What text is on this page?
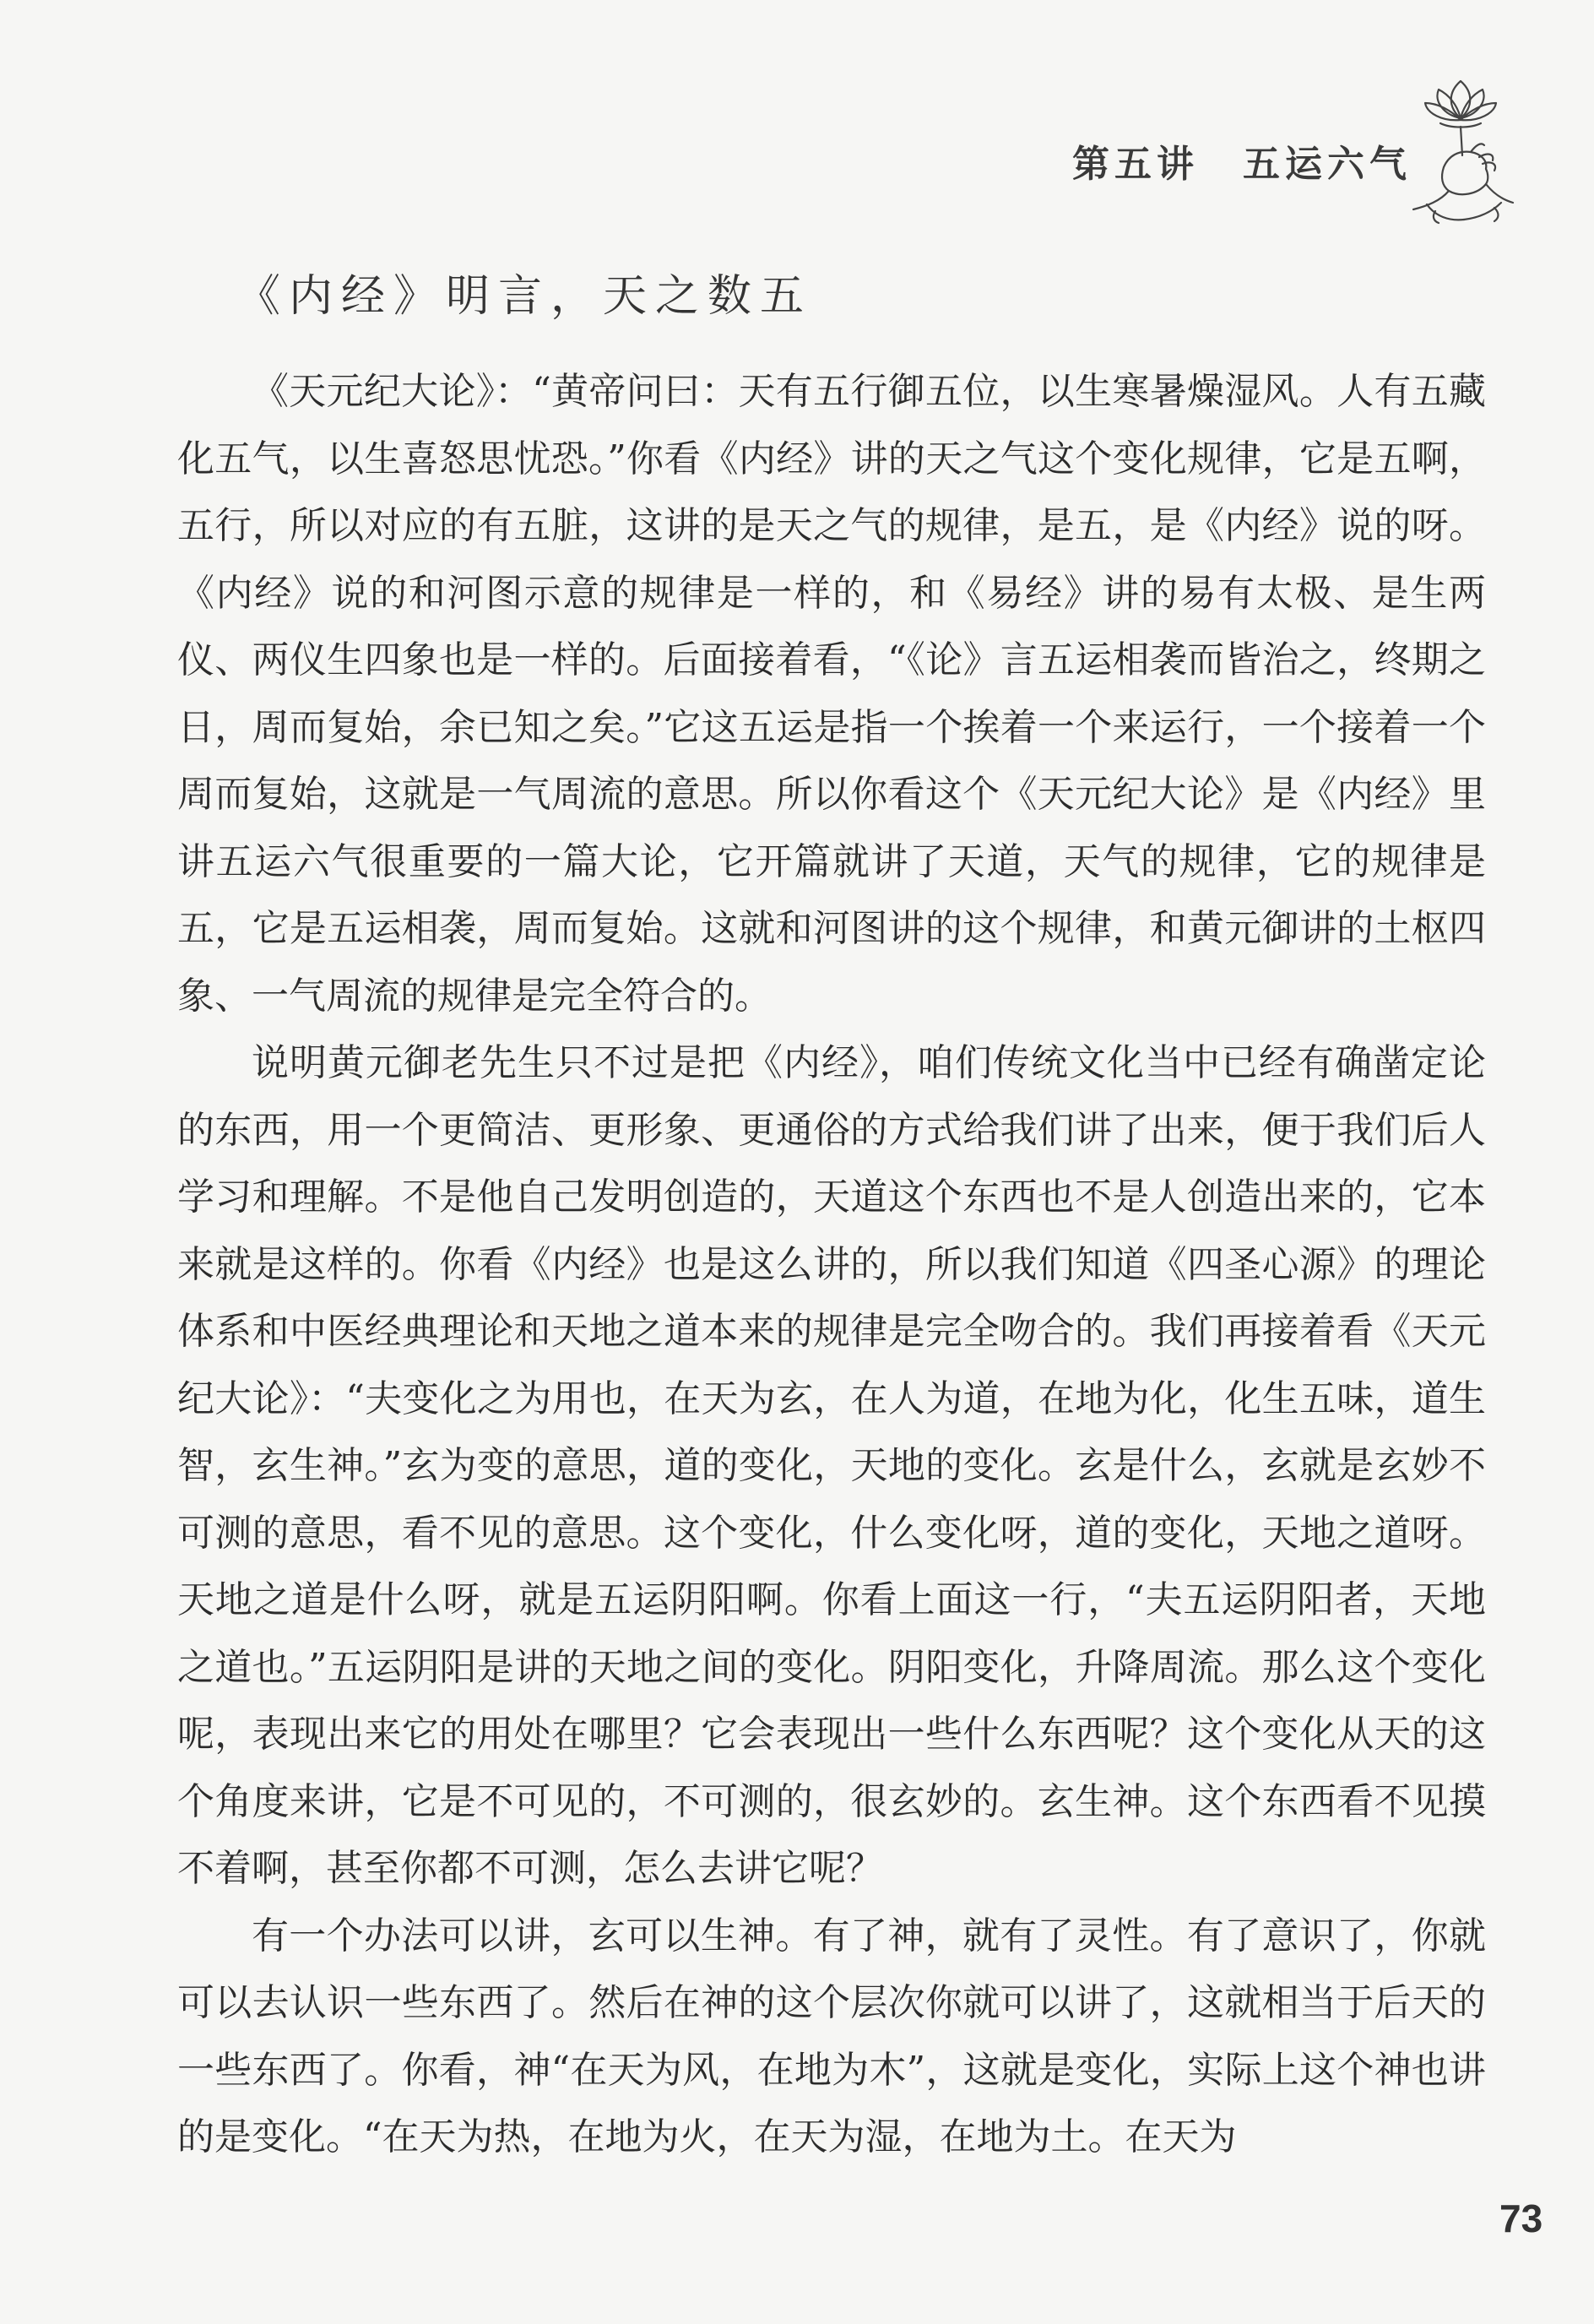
第五讲 五运六气
《内经》明言，天之数五

《天元纪大论》：“黄帝问曰：天有五行御五位，以生寒暑燥湿风。人有五藏化五气，以生喜怒思忧恐。”你看《内经》讲的天之气这个变化规律，它是五啊，五行，所以对应的有五脏，这讲的是天之气的规律，是五，是《内经》说的呀。《内经》说的和河图示意的规律是一样的，和《易经》讲的易有太极、是生两仪、两仪生四象也是一样的。后面接着看，“《论》言五运相袭而皆治之，终期之日，周而复始，余已知之矣。”它这五运是指一个挨着一个来运行，一个接着一个周而复始，这就是一气周流的意思。所以你看这个《天元纪大论》是《内经》里讲五运六气很重要的一篇大论，它开篇就讲了天道，天气的规律，它的规律是五，它是五运相袭，周而复始。这就和河图讲的这个规律，和黄元御讲的土枢四象、一气周流的规律是完全符合的。

说明黄元御老先生只不过是把《内经》，咱们传统文化当中已经有确凿定论的东西，用一个更简洁、更形象、更通俗的方式给我们讲了出来，便于我们后人学习和理解。不是他自己发明创造的，天道这个东西也不是人创造出来的，它本来就是这样的。你看《内经》也是这么讲的，所以我们知道《四圣心源》的理论体系和中医经典理论和天地之道本来的规律是完全吻合的。我们再接着看《天元纪大论》：“夫变化之为用也，在天为玄，在人为道，在地为化，化生五味，道生智，玄生神。”玄为变的意思，道的变化，天地的变化。玄是什么，玄就是玄妙不可测的意思，看不见的意思。这个变化，什么变化呀，道的变化，天地之道呀。天地之道是什么呀，就是五运阴阳啊。你看上面这一行，“夫五运阴阳者，天地之道也。”五运阴阳是讲的天地之间的变化。阴阳变化，升降周流。那么这个变化呢，表现出来它的用处在哪里？它会表现出一些什么东西呢？这个变化从天的这个角度来讲，它是不可见的，不可测的，很玄妙的。玄生神。这个东西看不见摸不着啊，甚至你都不可测，怎么去讲它呢？

有一个办法可以讲，玄可以生神。有了神，就有了灵性。有了意识了，你就可以去认识一些东西了。然后在神的这个层次你就可以讲了，这就相当于后天的一些东西了。你看，神“在天为风，在地为木”，这就是变化，实际上这个神也讲的是变化。“在天为热，在地为火，在天为湿，在地为土。在天为

73
